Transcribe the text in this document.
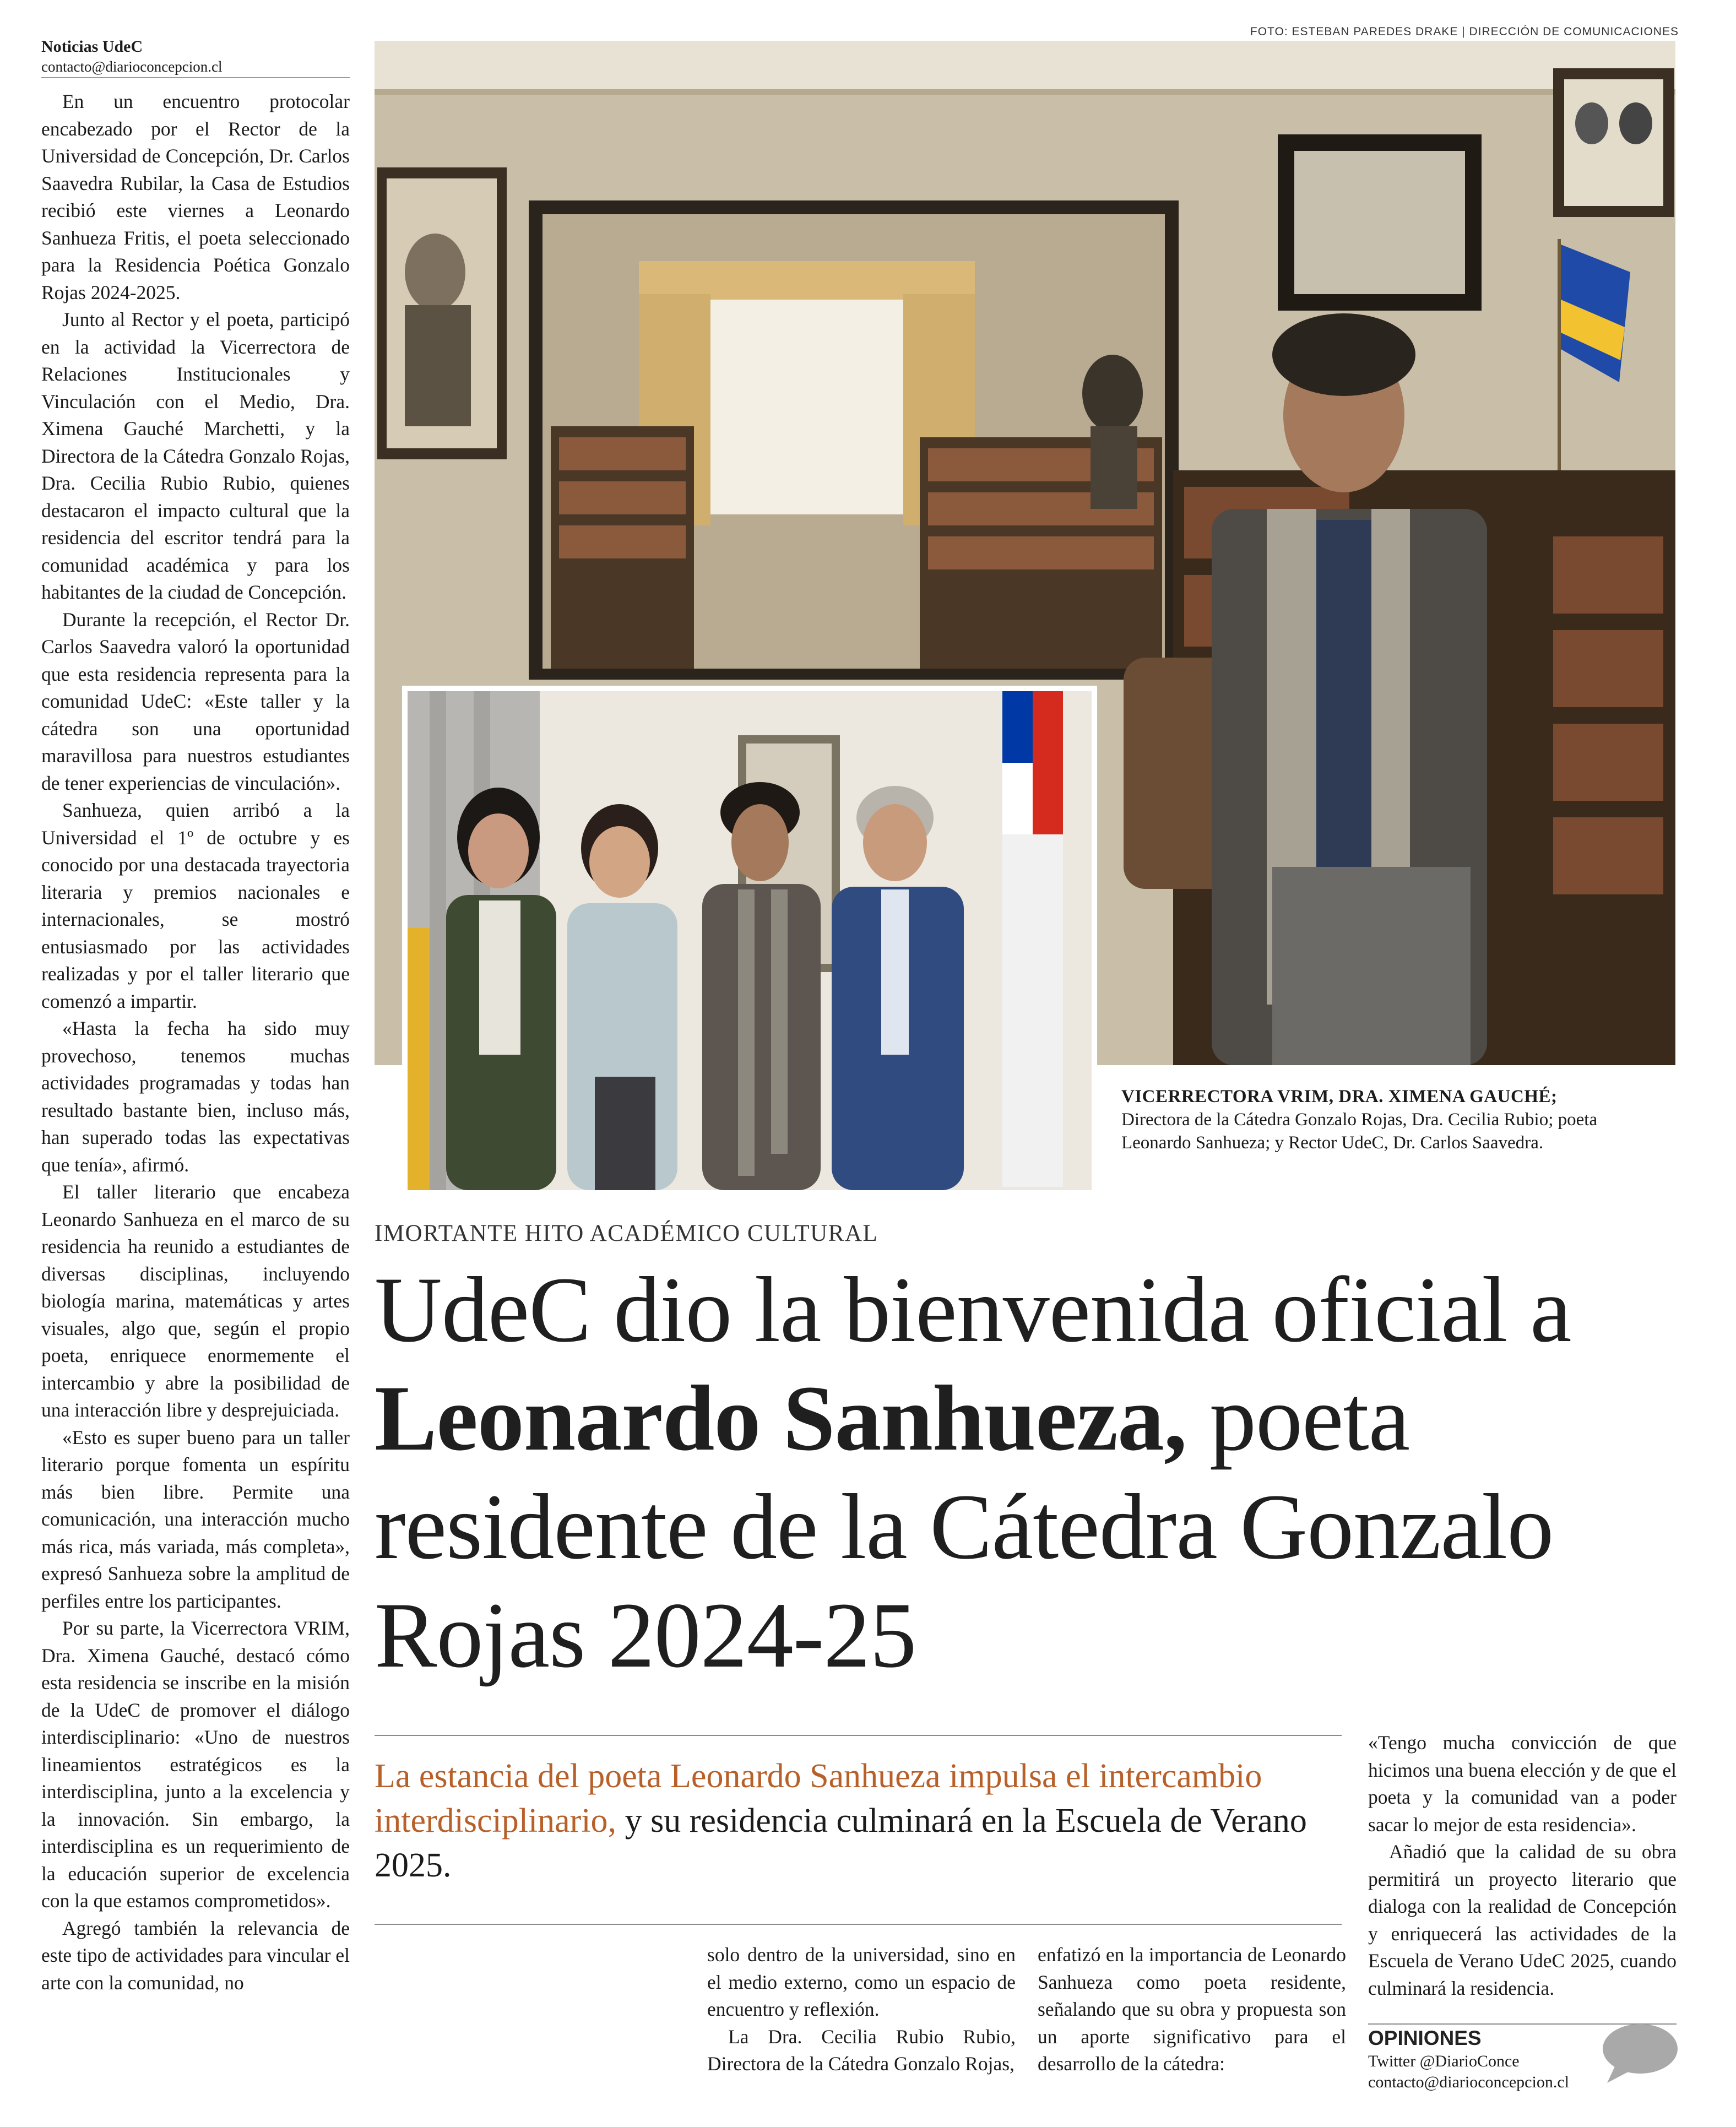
Noticias UdeC
contacto@diarioconcepcion.cl

En un encuentro protocolar encabezado por el Rector de la Universidad de Concepción, Dr. Carlos Saavedra Rubilar, la Casa de Estudios recibió este viernes a Leonardo Sanhueza Fritis, el poeta seleccionado para la Residencia Poética Gonzalo Rojas 2024-2025.

Junto al Rector y el poeta, participó en la actividad la Vicerrectora de Relaciones Institucionales y Vinculación con el Medio, Dra. Ximena Gauché Marchetti, y la Directora de la Cátedra Gonzalo Rojas, Dra. Cecilia Rubio Rubio, quienes destacaron el impacto cultural que la residencia del escritor tendrá para la comunidad académica y para los habitantes de la ciudad de Concepción.

Durante la recepción, el Rector Dr. Carlos Saavedra valoró la oportunidad que esta residencia representa para la comunidad UdeC: «Este taller y la cátedra son una oportunidad maravillosa para nuestros estudiantes de tener experiencias de vinculación».

Sanhueza, quien arribó a la Universidad el 1º de octubre y es conocido por una destacada trayectoria literaria y premios nacionales e internacionales, se mostró entusiasmado por las actividades realizadas y por el taller literario que comenzó a impartir.

«Hasta la fecha ha sido muy provechoso, tenemos muchas actividades programadas y todas han resultado bastante bien, incluso más, han superado todas las expectativas que tenía», afirmó.

El taller literario que encabeza Leonardo Sanhueza en el marco de su residencia ha reunido a estudiantes de diversas disciplinas, incluyendo biología marina, matemáticas y artes visuales, algo que, según el propio poeta, enriquece enormemente el intercambio y abre la posibilidad de una interacción libre y desprejuiciada.

«Esto es super bueno para un taller literario porque fomenta un espíritu más bien libre. Permite una comunicación, una interacción mucho más rica, más variada, más completa», expresó Sanhueza sobre la amplitud de perfiles entre los participantes.

Por su parte, la Vicerrectora VRIM, Dra. Ximena Gauché, destacó cómo esta residencia se inscribe en la misión de la UdeC de promover el diálogo interdisciplinario: «Uno de nuestros lineamientos estratégicos es la interdisciplina, junto a la excelencia y la innovación. Sin embargo, la interdisciplina es un requerimiento de la educación superior de excelencia con la que estamos comprometidos».

Agregó también la relevancia de este tipo de actividades para vincular el arte con la comunidad, no

FOTO: ESTEBAN PAREDES DRAKE | DIRECCIÓN DE COMUNICACIONES
VICERRECTORA VRIM, DRA. XIMENA GAUCHÉ; Directora de la Cátedra Gonzalo Rojas, Dra. Cecilia Rubio; poeta Leonardo Sanhueza; y Rector UdeC, Dr. Carlos Saavedra.
IMORTANTE HITO ACADÉMICO CULTURAL
UdeC dio la bienvenida oficial a Leonardo Sanhueza, poeta residente de la Cátedra Gonzalo Rojas 2024-25
La estancia del poeta Leonardo Sanhueza impulsa el intercambio interdisciplinario, y su residencia culminará en la Escuela de Verano 2025.

solo dentro de la universidad, sino en el medio externo, como un espacio de encuentro y reflexión.

La Dra. Cecilia Rubio Rubio, Directora de la Cátedra Gonzalo Rojas,

enfatizó en la importancia de Leonardo Sanhueza como poeta residente, señalando que su obra y propuesta son un aporte significativo para el desarrollo de la cátedra:

«Tengo mucha convicción de que hicimos una buena elección y de que el poeta y la comunidad van a poder sacar lo mejor de esta residencia».

Añadió que la calidad de su obra permitirá un proyecto literario que dialoga con la realidad de Concepción y enriquecerá las actividades de la Escuela de Verano UdeC 2025, cuando culminará la residencia.

OPINIONES
Twitter @DiarioConce
contacto@diarioconcepcion.cl
